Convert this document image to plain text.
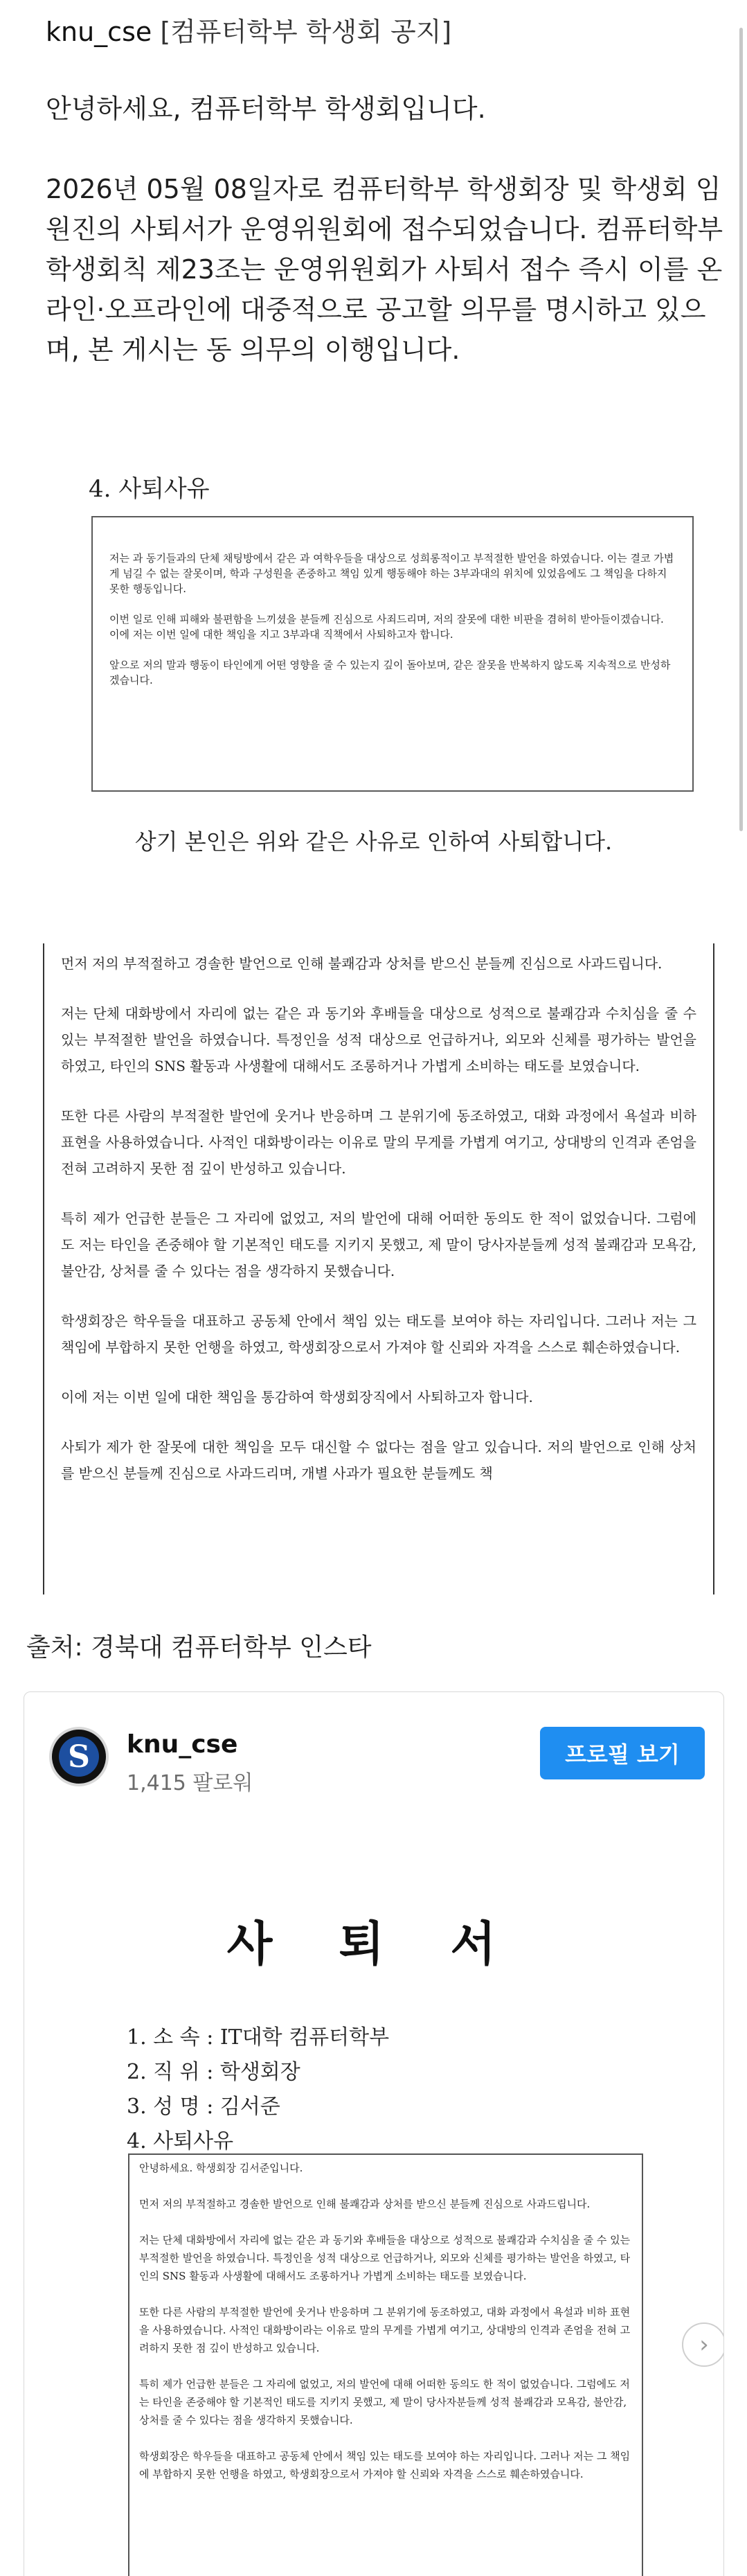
knu_cse [컴퓨터학부 학생회 공지]

안녕하세요, 컴퓨터학부 학생회입니다.

2026년 05월 08일자로 컴퓨터학부 학생회장 및 학생회 임원진의 사퇴서가 운영위원회에 접수되었습니다. 컴퓨터학부 학생회칙 제23조는 운영위원회가 사퇴서 접수 즉시 이를 온라인·오프라인에 대중적으로 공고할 의무를 명시하고 있으며, 본 게시는 동 의무의 이행입니다.

4. 사퇴사유

저는 과 동기들과의 단체 채팅방에서 같은 과 여학우들을 대상으로 성희롱적이고 부적절한 발언을 하였습니다. 이는 결코 가볍게 넘길 수 없는 잘못이며, 학과 구성원을 존중하고 책임 있게 행동해야 하는 3부과대의 위치에 있었음에도 그 책임을 다하지 못한 행동입니다.

이번 일로 인해 피해와 불편함을 느끼셨을 분들께 진심으로 사죄드리며, 저의 잘못에 대한 비판을 겸허히 받아들이겠습니다. 이에 저는 이번 일에 대한 책임을 지고 3부과대 직책에서 사퇴하고자 합니다.

앞으로 저의 말과 행동이 타인에게 어떤 영향을 줄 수 있는지 깊이 돌아보며, 같은 잘못을 반복하지 않도록 지속적으로 반성하겠습니다.

상기 본인은 위와 같은 사유로 인하여 사퇴합니다.

먼저 저의 부적절하고 경솔한 발언으로 인해 불쾌감과 상처를 받으신 분들께 진심으로 사과드립니다.

저는 단체 대화방에서 자리에 없는 같은 과 동기와 후배들을 대상으로 성적으로 불쾌감과 수치심을 줄 수 있는 부적절한 발언을 하였습니다. 특정인을 성적 대상으로 언급하거나, 외모와 신체를 평가하는 발언을 하였고, 타인의 SNS 활동과 사생활에 대해서도 조롱하거나 가볍게 소비하는 태도를 보였습니다.

또한 다른 사람의 부적절한 발언에 웃거나 반응하며 그 분위기에 동조하였고, 대화 과정에서 욕설과 비하 표현을 사용하였습니다. 사적인 대화방이라는 이유로 말의 무게를 가볍게 여기고, 상대방의 인격과 존엄을 전혀 고려하지 못한 점 깊이 반성하고 있습니다.

특히 제가 언급한 분들은 그 자리에 없었고, 저의 발언에 대해 어떠한 동의도 한 적이 없었습니다. 그럼에도 저는 타인을 존중해야 할 기본적인 태도를 지키지 못했고, 제 말이 당사자분들께 성적 불쾌감과 모욕감, 불안감, 상처를 줄 수 있다는 점을 생각하지 못했습니다.

학생회장은 학우들을 대표하고 공동체 안에서 책임 있는 태도를 보여야 하는 자리입니다. 그러나 저는 그 책임에 부합하지 못한 언행을 하였고, 학생회장으로서 가져야 할 신뢰와 자격을 스스로 훼손하였습니다.

이에 저는 이번 일에 대한 책임을 통감하여 학생회장직에서 사퇴하고자 합니다.

사퇴가 제가 한 잘못에 대한 책임을 모두 대신할 수 없다는 점을 알고 있습니다. 저의 발언으로 인해 상처를 받으신 분들께 진심으로 사과드리며, 개별 사과가 필요한 분들께도 책

출처: 경북대 컴퓨터학부 인스타
S	knu_cse
1,415 팔로워
프로필 보기
사 퇴 서
1. 소 속 : IT대학 컴퓨터학부
2. 직 위 : 학생회장
3. 성 명 : 김서준
4. 사퇴사유

안녕하세요. 학생회장 김서준입니다.

먼저 저의 부적절하고 경솔한 발언으로 인해 불쾌감과 상처를 받으신 분들께 진심으로 사과드립니다.

저는 단체 대화방에서 자리에 없는 같은 과 동기와 후배들을 대상으로 성적으로 불쾌감과 수치심을 줄 수 있는 부적절한 발언을 하였습니다. 특정인을 성적 대상으로 언급하거나, 외모와 신체를 평가하는 발언을 하였고, 타인의 SNS 활동과 사생활에 대해서도 조롱하거나 가볍게 소비하는 태도를 보였습니다.

또한 다른 사람의 부적절한 발언에 웃거나 반응하며 그 분위기에 동조하였고, 대화 과정에서 욕설과 비하 표현을 사용하였습니다. 사적인 대화방이라는 이유로 말의 무게를 가볍게 여기고, 상대방의 인격과 존엄을 전혀 고려하지 못한 점 깊이 반성하고 있습니다.

특히 제가 언급한 분들은 그 자리에 없었고, 저의 발언에 대해 어떠한 동의도 한 적이 없었습니다. 그럼에도 저는 타인을 존중해야 할 기본적인 태도를 지키지 못했고, 제 말이 당사자분들께 성적 불쾌감과 모욕감, 불안감, 상처를 줄 수 있다는 점을 생각하지 못했습니다.

학생회장은 학우들을 대표하고 공동체 안에서 책임 있는 태도를 보여야 하는 자리입니다. 그러나 저는 그 책임에 부합하지 못한 언행을 하였고, 학생회장으로서 가져야 할 신뢰와 자격을 스스로 훼손하였습니다.

›
